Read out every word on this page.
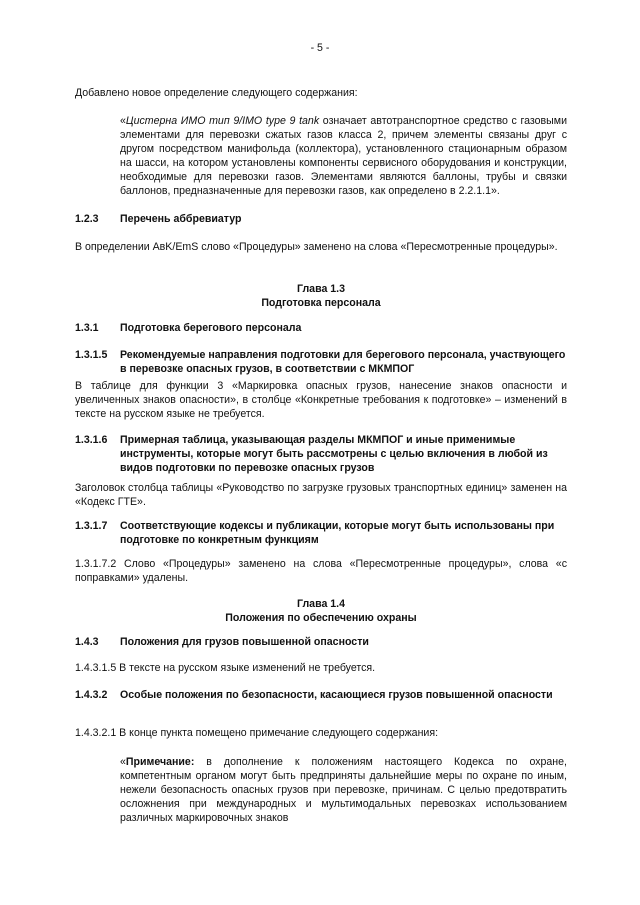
- 5 -
Добавлено новое определение следующего содержания:
«Цистерна ИМО тип 9/IMO type 9 tank означает автотранспортное средство с газовыми элементами для перевозки сжатых газов класса 2, причем элементы связаны друг с другом посредством манифольда (коллектора), установленного стационарным образом на шасси, на котором установлены компоненты сервисного оборудования и конструкции, необходимые для перевозки газов. Элементами являются баллоны, трубы и связки баллонов, предназначенные для перевозки газов, как определено в 2.2.1.1».
1.2.3 Перечень аббревиатур
В определении AвK/EmS слово «Процедуры» заменено на слова «Пересмотренные процедуры».
Глава 1.3
Подготовка персонала
1.3.1 Подготовка берегового персонала
1.3.1.5 Рекомендуемые направления подготовки для берегового персонала, участвующего в перевозке опасных грузов, в соответствии с МКМПОГ
В таблице для функции 3 «Маркировка опасных грузов, нанесение знаков опасности и увеличенных знаков опасности», в столбце «Конкретные требования к подготовке» – изменений в тексте на русском языке не требуется.
1.3.1.6 Примерная таблица, указывающая разделы МКМПОГ и иные применимые инструменты, которые могут быть рассмотрены с целью включения в любой из видов подготовки по перевозке опасных грузов
Заголовок столбца таблицы «Руководство по загрузке грузовых транспортных единиц» заменен на «Кодекс ГТЕ».
1.3.1.7 Соответствующие кодексы и публикации, которые могут быть использованы при подготовке по конкретным функциям
1.3.1.7.2 Слово «Процедуры» заменено на слова «Пересмотренные процедуры», слова «с поправками» удалены.
Глава 1.4
Положения по обеспечению охраны
1.4.3 Положения для грузов повышенной опасности
1.4.3.1.5 В тексте на русском языке изменений не требуется.
1.4.3.2 Особые положения по безопасности, касающиеся грузов повышенной опасности
1.4.3.2.1 В конце пункта помещено примечание следующего содержания:
«Примечание: в дополнение к положениям настоящего Кодекса по охране, компетентным органом могут быть предприняты дальнейшие меры по охране по иным, нежели безопасность опасных грузов при перевозке, причинам. С целью предотвратить осложнения при международных и мультимодальных перевозках использованием различных маркировочных знаков
